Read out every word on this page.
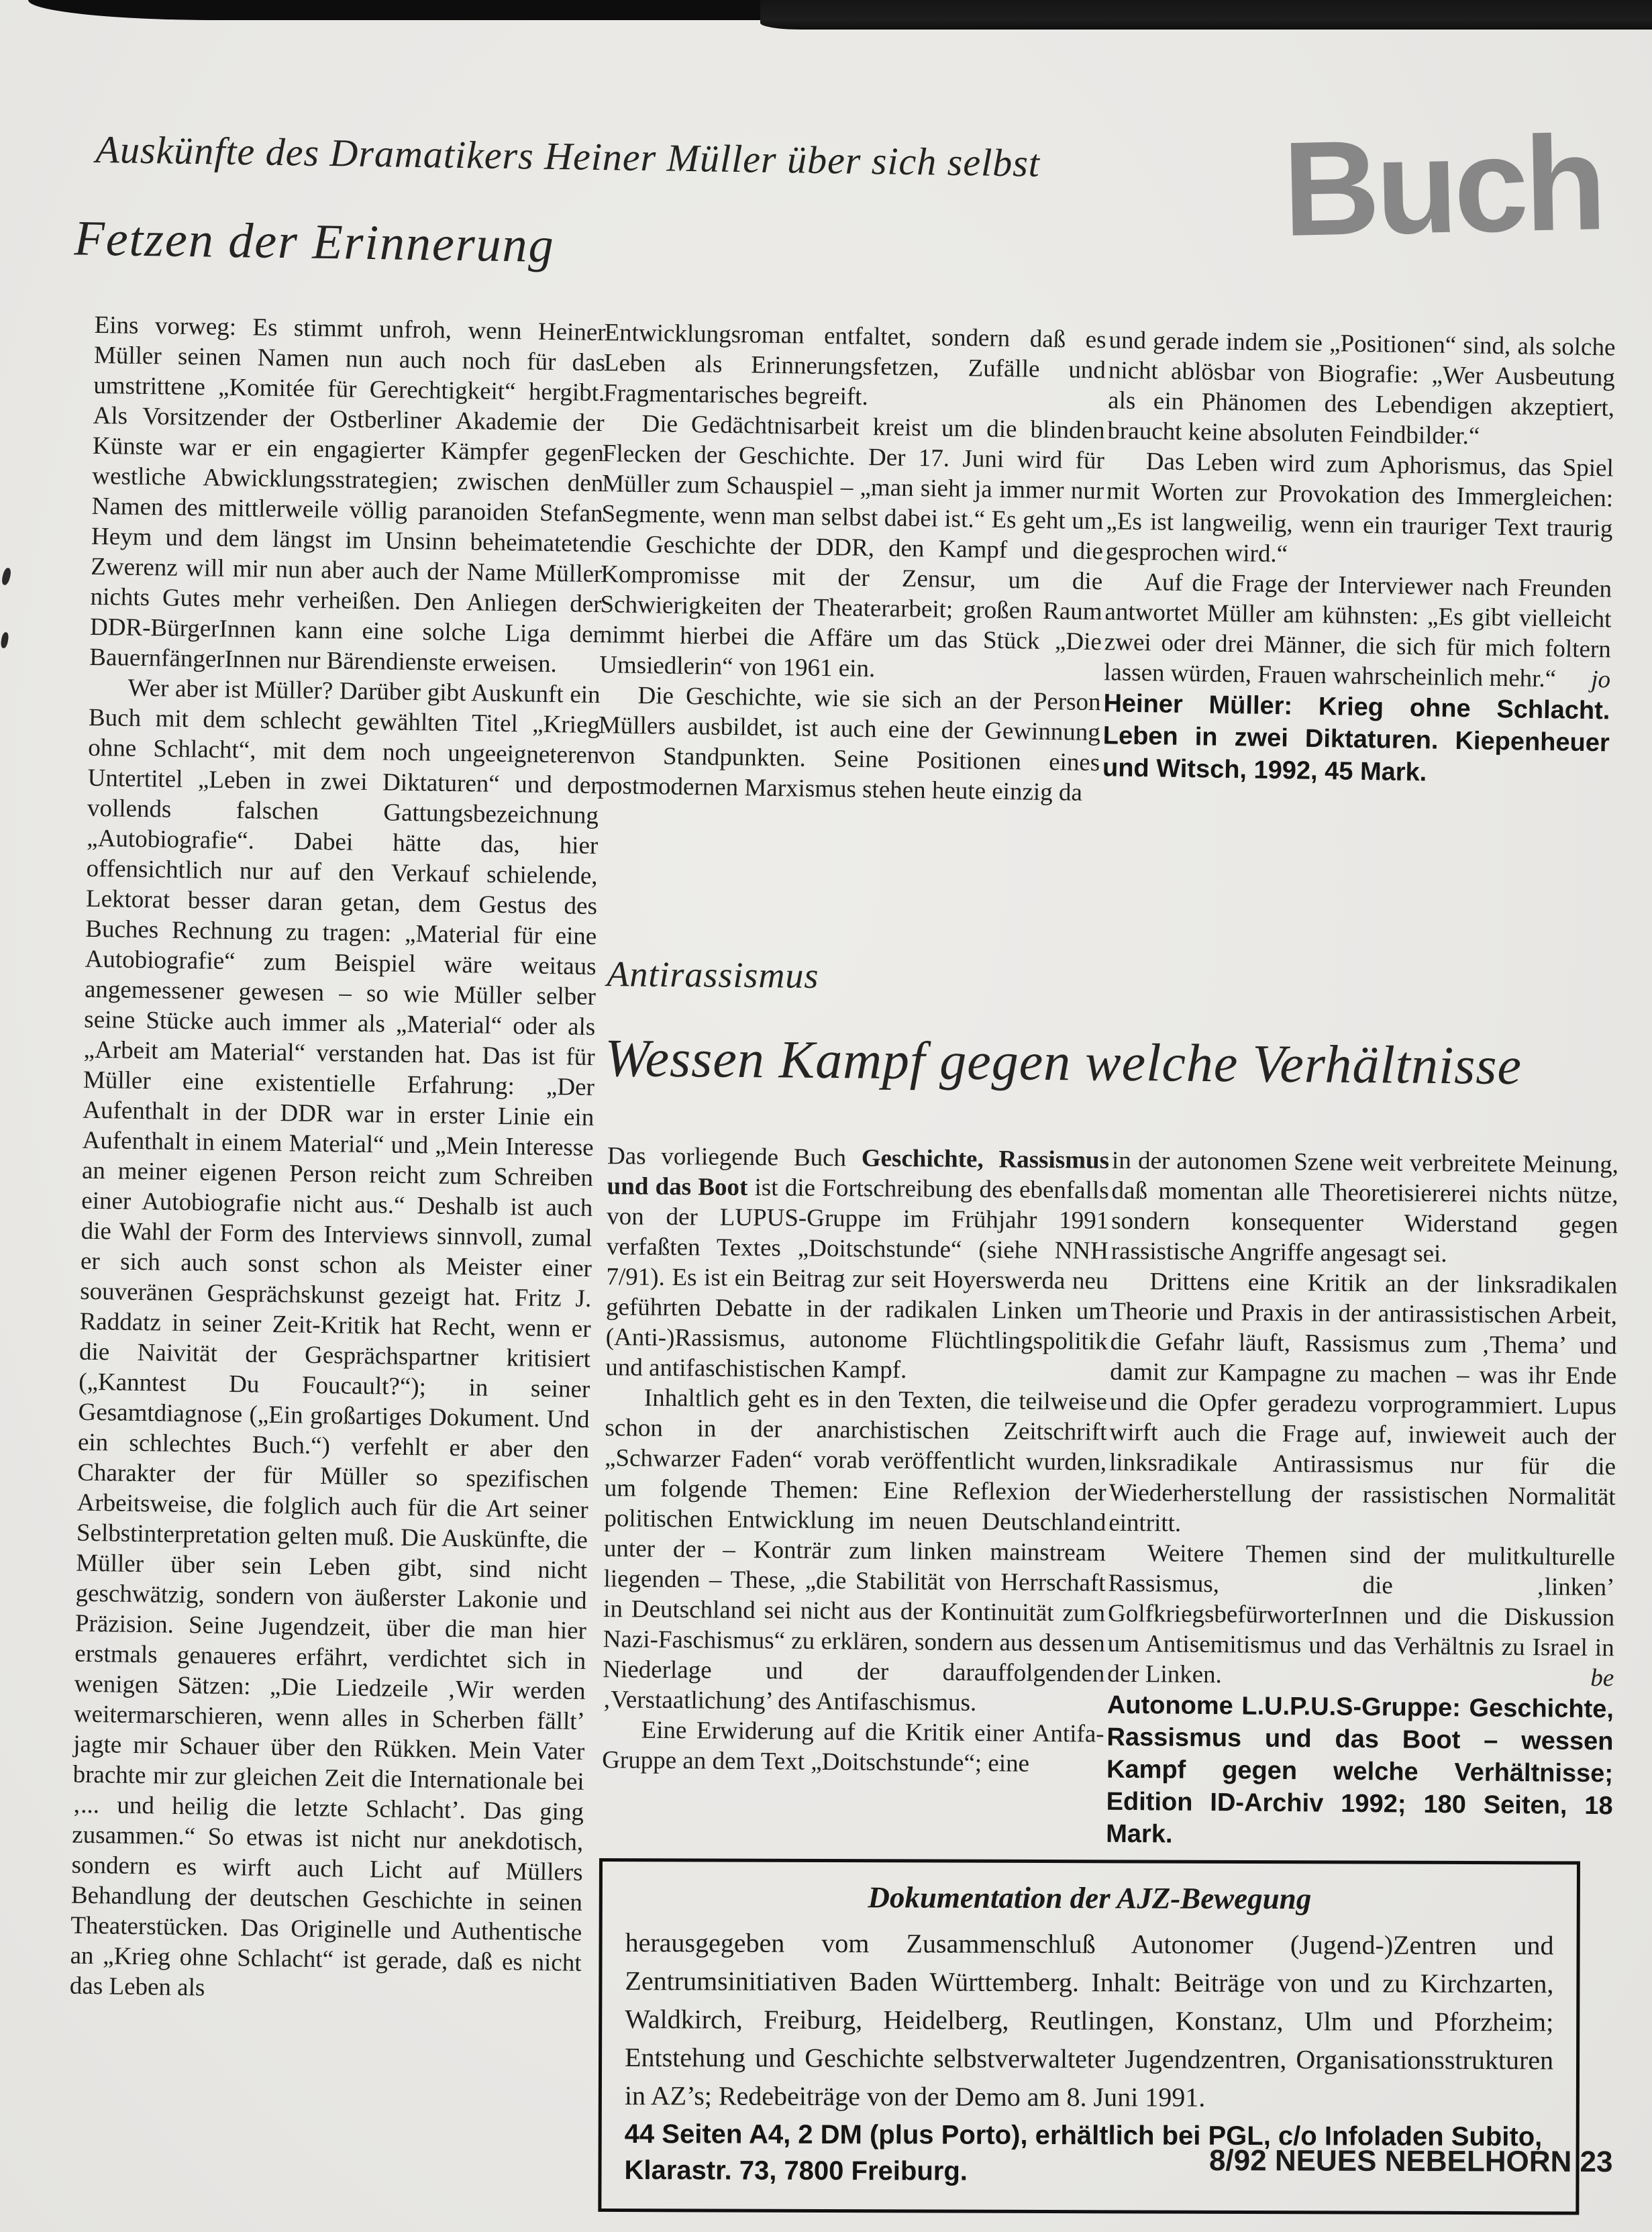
Buch
Auskünfte des Dramatikers Heiner Müller über sich selbst
Fetzen der Erinnerung

Eins vorweg: Es stimmt unfroh, wenn Heiner Müller seinen Namen nun auch noch für das umstrittene „Komitée für Gerechtigkeit“ hergibt. Als Vorsitzender der Ostberliner Akademie der Künste war er ein engagierter Kämpfer gegen westliche Abwicklungsstrategien; zwischen den Namen des mittlerweile völlig paranoiden Stefan Heym und dem längst im Unsinn beheimateten Zwerenz will mir nun aber auch der Name Müller nichts Gutes mehr verheißen. Den Anliegen der DDR-BürgerInnen kann eine solche Liga der BauernfängerInnen nur Bärendienste erweisen.

Wer aber ist Müller? Darüber gibt Auskunft ein Buch mit dem schlecht gewählten Titel „Krieg ohne Schlacht“, mit dem noch ungeeigneteren Untertitel „Leben in zwei Diktaturen“ und der vollends falschen Gattungsbezeichnung „Autobiografie“. Dabei hätte das, hier offensichtlich nur auf den Verkauf schielende, Lektorat besser daran getan, dem Gestus des Buches Rechnung zu tragen: „Material für eine Autobiografie“ zum Beispiel wäre weitaus angemessener gewesen – so wie Müller selber seine Stücke auch immer als „Material“ oder als „Arbeit am Material“ verstanden hat. Das ist für Müller eine existentielle Erfahrung: „Der Aufenthalt in der DDR war in erster Linie ein Aufenthalt in einem Material“ und „Mein Interesse an meiner eigenen Person reicht zum Schreiben einer Autobiografie nicht aus.“ Deshalb ist auch die Wahl der Form des Interviews sinnvoll, zumal er sich auch sonst schon als Meister einer souveränen Gesprächskunst gezeigt hat. Fritz J. Raddatz in seiner Zeit-Kritik hat Recht, wenn er die Naivität der Gesprächspartner kritisiert („Kanntest Du Foucault?“); in seiner Gesamtdiagnose („Ein großartiges Dokument. Und ein schlechtes Buch.“) verfehlt er aber den Charakter der für Müller so spezifischen Arbeitsweise, die folglich auch für die Art seiner Selbstinterpretation gelten muß. Die Auskünfte, die Müller über sein Leben gibt, sind nicht geschwätzig, sondern von äußerster Lakonie und Präzision. Seine Jugendzeit, über die man hier erstmals genaueres erfährt, verdichtet sich in wenigen Sätzen: „Die Liedzeile ‚Wir werden weitermarschieren, wenn alles in Scherben fällt’ jagte mir Schauer über den Rükken. Mein Vater brachte mir zur gleichen Zeit die Internationale bei ‚... und heilig die letzte Schlacht’. Das ging zusammen.“ So etwas ist nicht nur anekdotisch, sondern es wirft auch Licht auf Müllers Behandlung der deutschen Geschichte in seinen Theaterstücken. Das Originelle und Authentische an „Krieg ohne Schlacht“ ist gerade, daß es nicht das Leben als

Entwicklungsroman entfaltet, sondern daß es Leben als Erinnerungsfetzen, Zufälle und Fragmentarisches begreift.

Die Gedächtnisarbeit kreist um die blinden Flecken der Geschichte. Der 17. Juni wird für Müller zum Schauspiel – „man sieht ja immer nur Segmente, wenn man selbst dabei ist.“ Es geht um die Geschichte der DDR, den Kampf und die Kompromisse mit der Zensur, um die Schwierigkeiten der Theaterarbeit; großen Raum nimmt hierbei die Affäre um das Stück „Die Umsiedlerin“ von 1961 ein.

Die Geschichte, wie sie sich an der Person Müllers ausbildet, ist auch eine der Gewinnung von Standpunkten. Seine Positionen eines postmodernen Marxismus stehen heute einzig da

und gerade indem sie „Positionen“ sind, als solche nicht ablösbar von Biografie: „Wer Ausbeutung als ein Phänomen des Lebendigen akzeptiert, braucht keine absoluten Feindbilder.“

Das Leben wird zum Aphorismus, das Spiel mit Worten zur Provokation des Immergleichen: „Es ist langweilig, wenn ein trauriger Text traurig gesprochen wird.“

Auf die Frage der Interviewer nach Freunden antwortet Müller am kühnsten: „Es gibt vielleicht zwei oder drei Männer, die sich für mich foltern lassen würden, Frauen wahrscheinlich mehr.“	jo

Heiner Müller: Krieg ohne Schlacht. Leben in zwei Diktaturen. Kiepenheuer und Witsch, 1992, 45 Mark.

Antirassismus
Wessen Kampf gegen welche Verhältnisse

Das vorliegende Buch Geschichte, Rassismus und das Boot ist die Fortschreibung des ebenfalls von der LUPUS-Gruppe im Frühjahr 1991 verfaßten Textes „Doitschstunde“ (siehe NNH 7/91). Es ist ein Beitrag zur seit Hoyerswerda neu geführten Debatte in der radikalen Linken um (Anti-)Rassismus, autonome Flüchtlingspolitik und antifaschistischen Kampf.

Inhaltlich geht es in den Texten, die teilweise schon in der anarchistischen Zeitschrift „Schwarzer Faden“ vorab veröffentlicht wurden, um folgende Themen: Eine Reflexion der politischen Entwicklung im neuen Deutschland unter der – Konträr zum linken mainstream liegenden – These, „die Stabilität von Herrschaft in Deutschland sei nicht aus der Kontinuität zum Nazi-Faschismus“ zu erklären, sondern aus dessen Niederlage und der darauffolgenden ‚Verstaatlichung’ des Antifaschismus.

Eine Erwiderung auf die Kritik einer Antifa-Gruppe an dem Text „Doitschstunde“; eine

in der autonomen Szene weit verbreitete Meinung, daß momentan alle Theoretisiererei nichts nütze, sondern konsequenter Widerstand gegen rassistische Angriffe angesagt sei.

Drittens eine Kritik an der linksradikalen Theorie und Praxis in der antirassistischen Arbeit, die Gefahr läuft, Rassismus zum ‚Thema’ und damit zur Kampagne zu machen – was ihr Ende und die Opfer geradezu vorprogrammiert. Lupus wirft auch die Frage auf, inwieweit auch der linksradikale Antirassismus nur für die Wiederherstellung der rassistischen Normalität eintritt.

Weitere Themen sind der mulitkulturelle Rassismus, die ‚linken’ GolfkriegsbefürworterInnen und die Diskussion um Antisemitismus und das Verhältnis zu Israel in der Linken.	be

Autonome L.U.P.U.S-Gruppe: Geschichte, Rassismus und das Boot – wessen Kampf gegen welche Verhältnisse; Edition ID-Archiv 1992; 180 Seiten, 18 Mark.

Dokumentation der AJZ-Bewegung
herausgegeben vom Zusammenschluß Autonomer (Jugend-)Zentren und Zentrumsinitiativen Baden Württemberg. Inhalt: Beiträge von und zu Kirchzarten, Waldkirch, Freiburg, Heidelberg, Reutlingen, Konstanz, Ulm und Pforzheim; Entstehung und Geschichte selbstverwalteter Jugendzentren, Organisationsstrukturen in AZ’s; Redebeiträge von der Demo am 8. Juni 1991.
44 Seiten A4, 2 DM (plus Porto), erhältlich bei PGL, c/o Infoladen Subito, Klarastr. 73, 7800 Freiburg.	8/92 NEUES NEBELHORN 23
